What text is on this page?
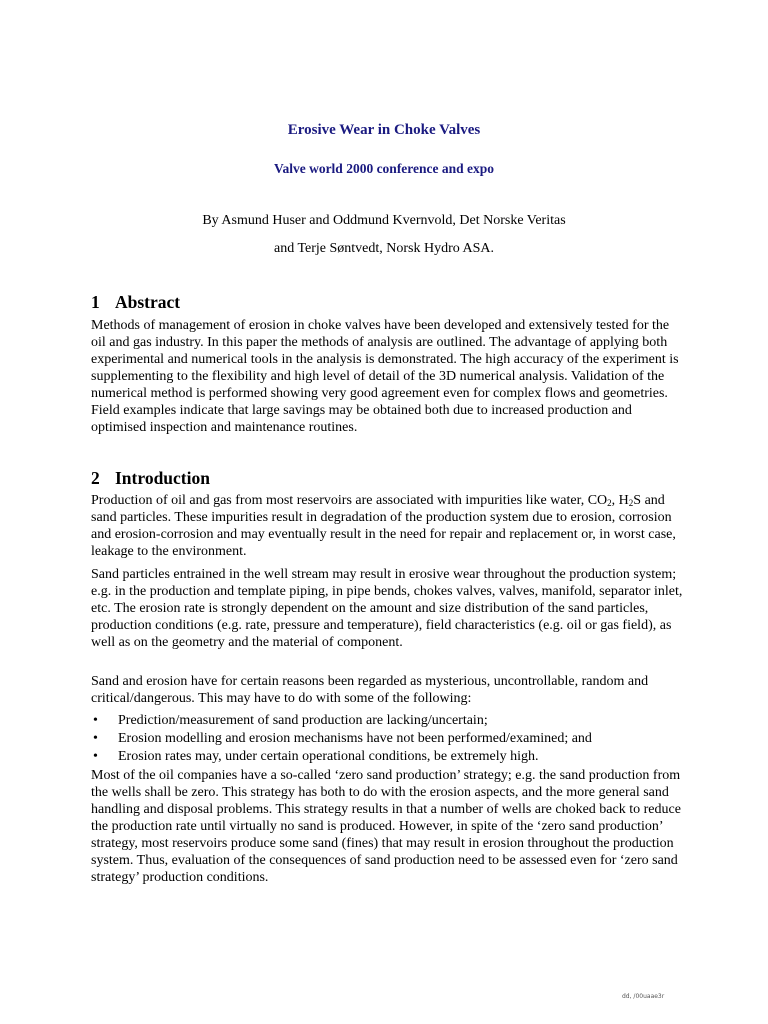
Erosive Wear in Choke Valves
Valve world 2000 conference and expo
By Asmund Huser and Oddmund Kvernvold, Det Norske Veritas
and Terje Søntvedt, Norsk Hydro ASA.
1 Abstract

Methods of management of erosion in choke valves have been developed and extensively tested for the oil and gas industry. In this paper the methods of analysis are outlined. The advantage of applying both experimental and numerical tools in the analysis is demonstrated. The high accuracy of the experiment is supplementing to the flexibility and high level of detail of the 3D numerical analysis. Validation of the numerical method is performed showing very good agreement even for complex flows and geometries. Field examples indicate that large savings may be obtained both due to increased production and optimised inspection and maintenance routines.

2 Introduction

Production of oil and gas from most reservoirs are associated with impurities like water, $CO_2$, $H_2S$ and sand particles. These impurities result in degradation of the production system due to erosion, corrosion and erosion-corrosion and may eventually result in the need for repair and replacement or, in worst case, leakage to the environment.

Sand particles entrained in the well stream may result in erosive wear throughout the production system; e.g. in the production and template piping, in pipe bends, chokes valves, valves, manifold, separator inlet, etc. The erosion rate is strongly dependent on the amount and size distribution of the sand particles, production conditions (e.g. rate, pressure and temperature), field characteristics (e.g. oil or gas field), as well as on the geometry and the material of component.

Sand and erosion have for certain reasons been regarded as mysterious, uncontrollable, random and critical/dangerous. This may have to do with some of the following:

•	Prediction/measurement of sand production are lacking/uncertain;
•	Erosion modelling and erosion mechanisms have not been performed/examined; and
•	Erosion rates may, under certain operational conditions, be extremely high.

Most of the oil companies have a so-called ‘zero sand production’ strategy; e.g. the sand production from the wells shall be zero. This strategy has both to do with the erosion aspects, and the more general sand handling and disposal problems. This strategy results in that a number of wells are choked back to reduce the production rate until virtually no sand is produced. However, in spite of the ‘zero sand production’ strategy, most reservoirs produce some sand (fines) that may result in erosion throughout the production system. Thus, evaluation of the consequences of sand production need to be assessed even for ‘zero sand strategy’ production conditions.

dd, /00uaae3r
